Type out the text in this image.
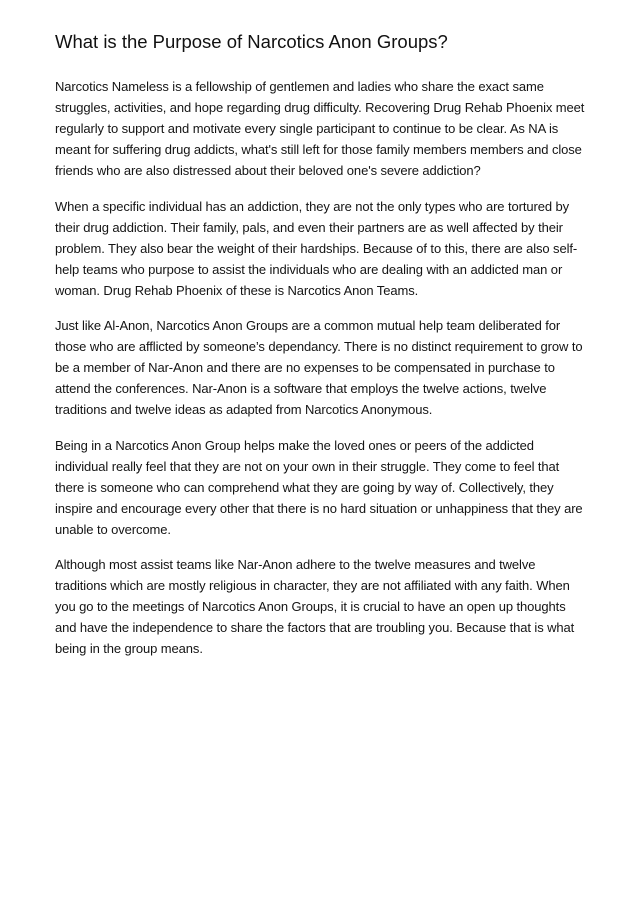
What is the Purpose of Narcotics Anon Groups?

Narcotics Nameless is a fellowship of gentlemen and ladies who share the exact same struggles, activities, and hope regarding drug difficulty. Recovering Drug Rehab Phoenix meet regularly to support and motivate every single participant to continue to be clear. As NA is meant for suffering drug addicts, what's still left for those family members members and close friends who are also distressed about their beloved one's severe addiction?

When a specific individual has an addiction, they are not the only types who are tortured by their drug addiction. Their family, pals, and even their partners are as well affected by their problem. They also bear the weight of their hardships. Because of to this, there are also self-help teams who purpose to assist the individuals who are dealing with an addicted man or woman. Drug Rehab Phoenix of these is Narcotics Anon Teams.

Just like Al-Anon, Narcotics Anon Groups are a common mutual help team deliberated for those who are afflicted by someone’s dependancy. There is no distinct requirement to grow to be a member of Nar-Anon and there are no expenses to be compensated in purchase to attend the conferences. Nar-Anon is a software that employs the twelve actions, twelve traditions and twelve ideas as adapted from Narcotics Anonymous.

Being in a Narcotics Anon Group helps make the loved ones or peers of the addicted individual really feel that they are not on your own in their struggle. They come to feel that there is someone who can comprehend what they are going by way of. Collectively, they inspire and encourage every other that there is no hard situation or unhappiness that they are unable to overcome.

Although most assist teams like Nar-Anon adhere to the twelve measures and twelve traditions which are mostly religious in character, they are not affiliated with any faith. When you go to the meetings of Narcotics Anon Groups, it is crucial to have an open up thoughts and have the independence to share the factors that are troubling you. Because that is what being in the group means.
